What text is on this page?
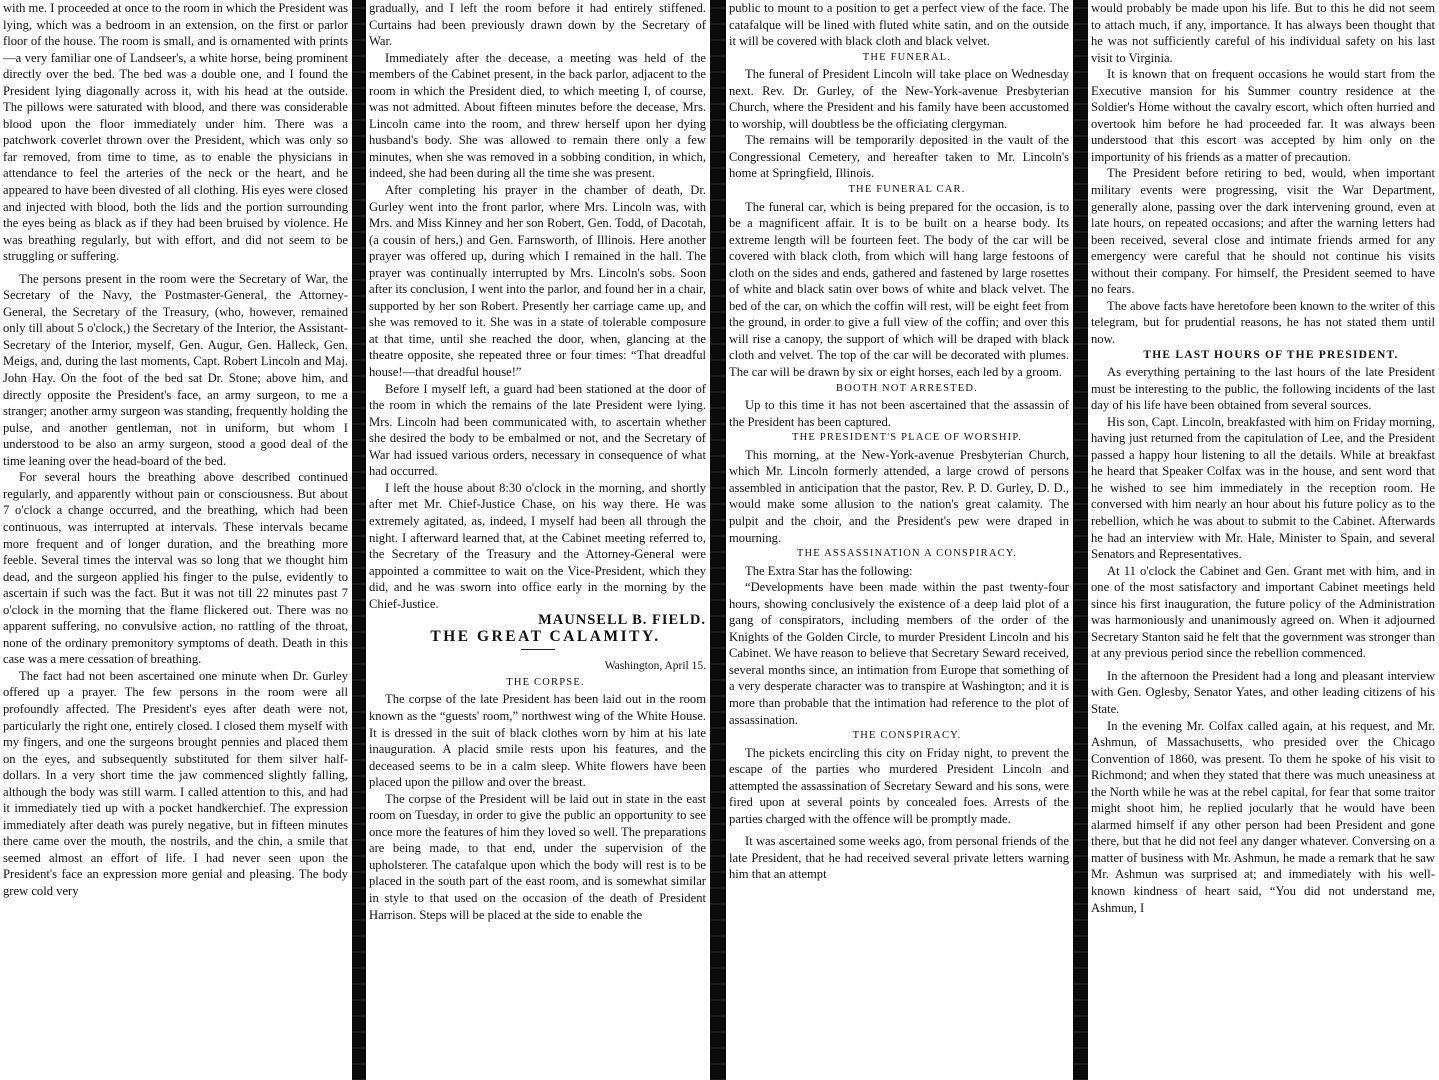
with me. I proceeded at once to the room in which the President was lying, which was a bedroom in an extension, on the first or parlor floor of the house. The room is small, and is ornamented with prints—a very familiar one of Landseer's, a white horse, being prominent directly over the bed. The bed was a double one, and I found the President lying diagonally across it, with his head at the outside. The pillows were saturated with blood, and there was considerable blood upon the floor immediately under him. There was a patchwork coverlet thrown over the President, which was only so far removed, from time to time, as to enable the physicians in attendance to feel the arteries of the neck or the heart, and he appeared to have been divested of all clothing. His eyes were closed and injected with blood, both the lids and the portion surrounding the eyes being as black as if they had been bruised by violence. He was breathing regularly, but with effort, and did not seem to be struggling or suffering.

The persons present in the room were the Secretary of War, the Secretary of the Navy, the Postmaster-General, the Attorney-General, the Secretary of the Treasury, (who, however, remained only till about 5 o'clock,) the Secretary of the Interior, the Assistant-Secretary of the Interior, myself, Gen. Augur, Gen. Halleck, Gen. Meigs, and, during the last moments, Capt. Robert Lincoln and Maj. John Hay. On the foot of the bed sat Dr. Stone; above him, and directly opposite the President's face, an army surgeon, to me a stranger; another army surgeon was standing, frequently holding the pulse, and another gentleman, not in uniform, but whom I understood to be also an army surgeon, stood a good deal of the time leaning over the head-board of the bed.

For several hours the breathing above described continued regularly, and apparently without pain or consciousness. But about 7 o'clock a change occurred, and the breathing, which had been continuous, was interrupted at intervals. These intervals became more frequent and of longer duration, and the breathing more feeble. Several times the interval was so long that we thought him dead, and the surgeon applied his finger to the pulse, evidently to ascertain if such was the fact. But it was not till 22 minutes past 7 o'clock in the morning that the flame flickered out. There was no apparent suffering, no convulsive action, no rattling of the throat, none of the ordinary premonitory symptoms of death. Death in this case was a mere cessation of breathing.

The fact had not been ascertained one minute when Dr. Gurley offered up a prayer. The few persons in the room were all profoundly affected. The President's eyes after death were not, particularly the right one, entirely closed. I closed them myself with my fingers, and one the surgeons brought pennies and placed them on the eyes, and subsequently substituted for them silver half-dollars. In a very short time the jaw commenced slightly falling, although the body was still warm. I called attention to this, and had it immediately tied up with a pocket handkerchief. The expression immediately after death was purely negative, but in fifteen minutes there came over the mouth, the nostrils, and the chin, a smile that seemed almost an effort of life. I had never seen upon the President's face an expression more genial and pleasing. The body grew cold very

gradually, and I left the room before it had entirely stiffened. Curtains had been previously drawn down by the Secretary of War.

Immediately after the decease, a meeting was held of the members of the Cabinet present, in the back parlor, adjacent to the room in which the President died, to which meeting I, of course, was not admitted. About fifteen minutes before the decease, Mrs. Lincoln came into the room, and threw herself upon her dying husband's body. She was allowed to remain there only a few minutes, when she was removed in a sobbing condition, in which, indeed, she had been during all the time she was present.

After completing his prayer in the chamber of death, Dr. Gurley went into the front parlor, where Mrs. Lincoln was, with Mrs. and Miss Kinney and her son Robert, Gen. Todd, of Dacotah, (a cousin of hers,) and Gen. Farnsworth, of Illinois. Here another prayer was offered up, during which I remained in the hall. The prayer was continually interrupted by Mrs. Lincoln's sobs. Soon after its conclusion, I went into the parlor, and found her in a chair, supported by her son Robert. Presently her carriage came up, and she was removed to it. She was in a state of tolerable composure at that time, until she reached the door, when, glancing at the theatre opposite, she repeated three or four times: “That dreadful house!—that dreadful house!”

Before I myself left, a guard had been stationed at the door of the room in which the remains of the late President were lying. Mrs. Lincoln had been communicated with, to ascertain whether she desired the body to be embalmed or not, and the Secretary of War had issued various orders, necessary in consequence of what had occurred.

I left the house about 8:30 o'clock in the morning, and shortly after met Mr. Chief-Justice Chase, on his way there. He was extremely agitated, as, indeed, I myself had been all through the night. I afterward learned that, at the Cabinet meeting referred to, the Secretary of the Treasury and the Attorney-General were appointed a committee to wait on the Vice-President, which they did, and he was sworn into office early in the morning by the Chief-Justice.

MAUNSELL B. FIELD.

THE GREAT CALAMITY.

Washington, April 15.

THE CORPSE.

The corpse of the late President has been laid out in the room known as the “guests' room,” northwest wing of the White House. It is dressed in the suit of black clothes worn by him at his late inauguration. A placid smile rests upon his features, and the deceased seems to be in a calm sleep. White flowers have been placed upon the pillow and over the breast.

The corpse of the President will be laid out in state in the east room on Tuesday, in order to give the public an opportunity to see once more the features of him they loved so well. The preparations are being made, to that end, under the supervision of the upholsterer. The catafalque upon which the body will rest is to be placed in the south part of the east room, and is somewhat similar in style to that used on the occasion of the death of President Harrison. Steps will be placed at the side to enable the

public to mount to a position to get a perfect view of the face. The catafalque will be lined with fluted white satin, and on the outside it will be covered with black cloth and black velvet.

THE FUNERAL.

The funeral of President Lincoln will take place on Wednesday next. Rev. Dr. Gurley, of the New-York-avenue Presbyterian Church, where the President and his family have been accustomed to worship, will doubtless be the officiating clergyman.

The remains will be temporarily deposited in the vault of the Congressional Cemetery, and hereafter taken to Mr. Lincoln's home at Springfield, Illinois.

THE FUNERAL CAR.

The funeral car, which is being prepared for the occasion, is to be a magnificent affair. It is to be built on a hearse body. Its extreme length will be fourteen feet. The body of the car will be covered with black cloth, from which will hang large festoons of cloth on the sides and ends, gathered and fastened by large rosettes of white and black satin over bows of white and black velvet. The bed of the car, on which the coffin will rest, will be eight feet from the ground, in order to give a full view of the coffin; and over this will rise a canopy, the support of which will be draped with black cloth and velvet. The top of the car will be decorated with plumes. The car will be drawn by six or eight horses, each led by a groom.

BOOTH NOT ARRESTED.

Up to this time it has not been ascertained that the assassin of the President has been captured.

THE PRESIDENT'S PLACE OF WORSHIP.

This morning, at the New-York-avenue Presbyterian Church, which Mr. Lincoln formerly attended, a large crowd of persons assembled in anticipation that the pastor, Rev. P. D. Gurley, D. D., would make some allusion to the nation's great calamity. The pulpit and the choir, and the President's pew were draped in mourning.

THE ASSASSINATION A CONSPIRACY.

The Extra Star has the following:

“Developments have been made within the past twenty-four hours, showing conclusively the existence of a deep laid plot of a gang of conspirators, including members of the order of the Knights of the Golden Circle, to murder President Lincoln and his Cabinet. We have reason to believe that Secretary Seward received, several months since, an intimation from Europe that something of a very desperate character was to transpire at Washington; and it is more than probable that the intimation had reference to the plot of assassination.

THE CONSPIRACY.

The pickets encircling this city on Friday night, to prevent the escape of the parties who murdered President Lincoln and attempted the assassination of Secretary Seward and his sons, were fired upon at several points by concealed foes. Arrests of the parties charged with the offence will be promptly made.

It was ascertained some weeks ago, from personal friends of the late President, that he had received several private letters warning him that an attempt

would probably be made upon his life. But to this he did not seem to attach much, if any, importance. It has always been thought that he was not sufficiently careful of his individual safety on his last visit to Virginia.

It is known that on frequent occasions he would start from the Executive mansion for his Summer country residence at the Soldier's Home without the cavalry escort, which often hurried and overtook him before he had proceeded far. It was always been understood that this escort was accepted by him only on the importunity of his friends as a matter of precaution.

The President before retiring to bed, would, when important military events were progressing, visit the War Department, generally alone, passing over the dark intervening ground, even at late hours, on repeated occasions; and after the warning letters had been received, several close and intimate friends armed for any emergency were careful that he should not continue his visits without their company. For himself, the President seemed to have no fears.

The above facts have heretofore been known to the writer of this telegram, but for prudential reasons, he has not stated them until now.

THE LAST HOURS OF THE PRESIDENT.

As everything pertaining to the last hours of the late President must be interesting to the public, the following incidents of the last day of his life have been obtained from several sources.

His son, Capt. Lincoln, breakfasted with him on Friday morning, having just returned from the capitulation of Lee, and the President passed a happy hour listening to all the details. While at breakfast he heard that Speaker Colfax was in the house, and sent word that he wished to see him immediately in the reception room. He conversed with him nearly an hour about his future policy as to the rebellion, which he was about to submit to the Cabinet. Afterwards he had an interview with Mr. Hale, Minister to Spain, and several Senators and Representatives.

At 11 o'clock the Cabinet and Gen. Grant met with him, and in one of the most satisfactory and important Cabinet meetings held since his first inauguration, the future policy of the Administration was harmoniously and unanimously agreed on. When it adjourned Secretary Stanton said he felt that the government was stronger than at any previous period since the rebellion commenced.

In the afternoon the President had a long and pleasant interview with Gen. Oglesby, Senator Yates, and other leading citizens of his State.

In the evening Mr. Colfax called again, at his request, and Mr. Ashmun, of Massachusetts, who presided over the Chicago Convention of 1860, was present. To them he spoke of his visit to Richmond; and when they stated that there was much uneasiness at the North while he was at the rebel capital, for fear that some traitor might shoot him, he replied jocularly that he would have been alarmed himself if any other person had been President and gone there, but that he did not feel any danger whatever. Conversing on a matter of business with Mr. Ashmun, he made a remark that he saw Mr. Ashmun was surprised at; and immediately with his well-known kindness of heart said, “You did not understand me, Ashmun, I
